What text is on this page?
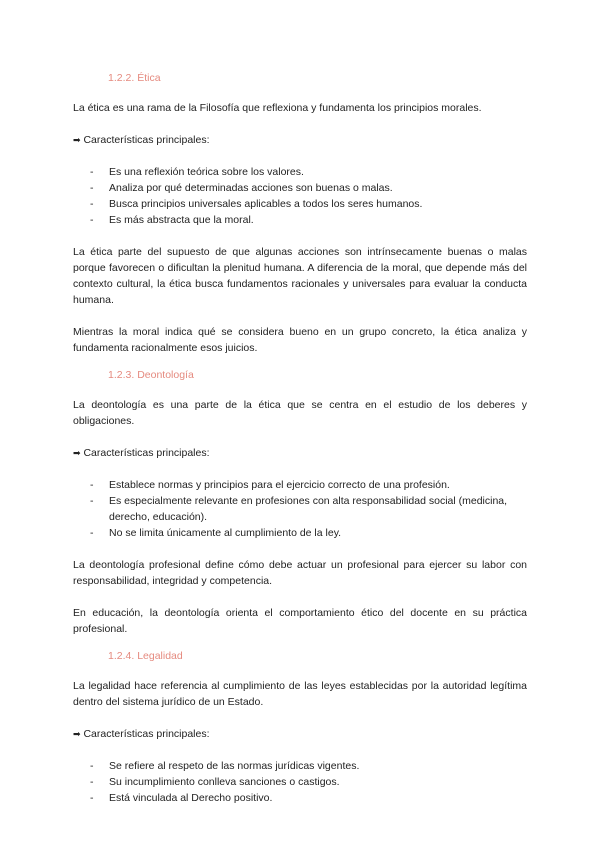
1.2.2. Ética

La ética es una rama de la Filosofía que reflexiona y fundamenta los principios morales.

➡ Características principales:

- Es una reflexión teórica sobre los valores.
- Analiza por qué determinadas acciones son buenas o malas.
- Busca principios universales aplicables a todos los seres humanos.
- Es más abstracta que la moral.

La ética parte del supuesto de que algunas acciones son intrínsecamente buenas o malas porque favorecen o dificultan la plenitud humana. A diferencia de la moral, que depende más del contexto cultural, la ética busca fundamentos racionales y universales para evaluar la conducta humana.

Mientras la moral indica qué se considera bueno en un grupo concreto, la ética analiza y fundamenta racionalmente esos juicios.

1.2.3. Deontología

La deontología es una parte de la ética que se centra en el estudio de los deberes y obligaciones.

➡ Características principales:

- Establece normas y principios para el ejercicio correcto de una profesión.
- Es especialmente relevante en profesiones con alta responsabilidad social (medicina, derecho, educación).
- No se limita únicamente al cumplimiento de la ley.

La deontología profesional define cómo debe actuar un profesional para ejercer su labor con responsabilidad, integridad y competencia.

En educación, la deontología orienta el comportamiento ético del docente en su práctica profesional.

1.2.4. Legalidad

La legalidad hace referencia al cumplimiento de las leyes establecidas por la autoridad legítima dentro del sistema jurídico de un Estado.

➡ Características principales:

- Se refiere al respeto de las normas jurídicas vigentes.
- Su incumplimiento conlleva sanciones o castigos.
- Está vinculada al Derecho positivo.
